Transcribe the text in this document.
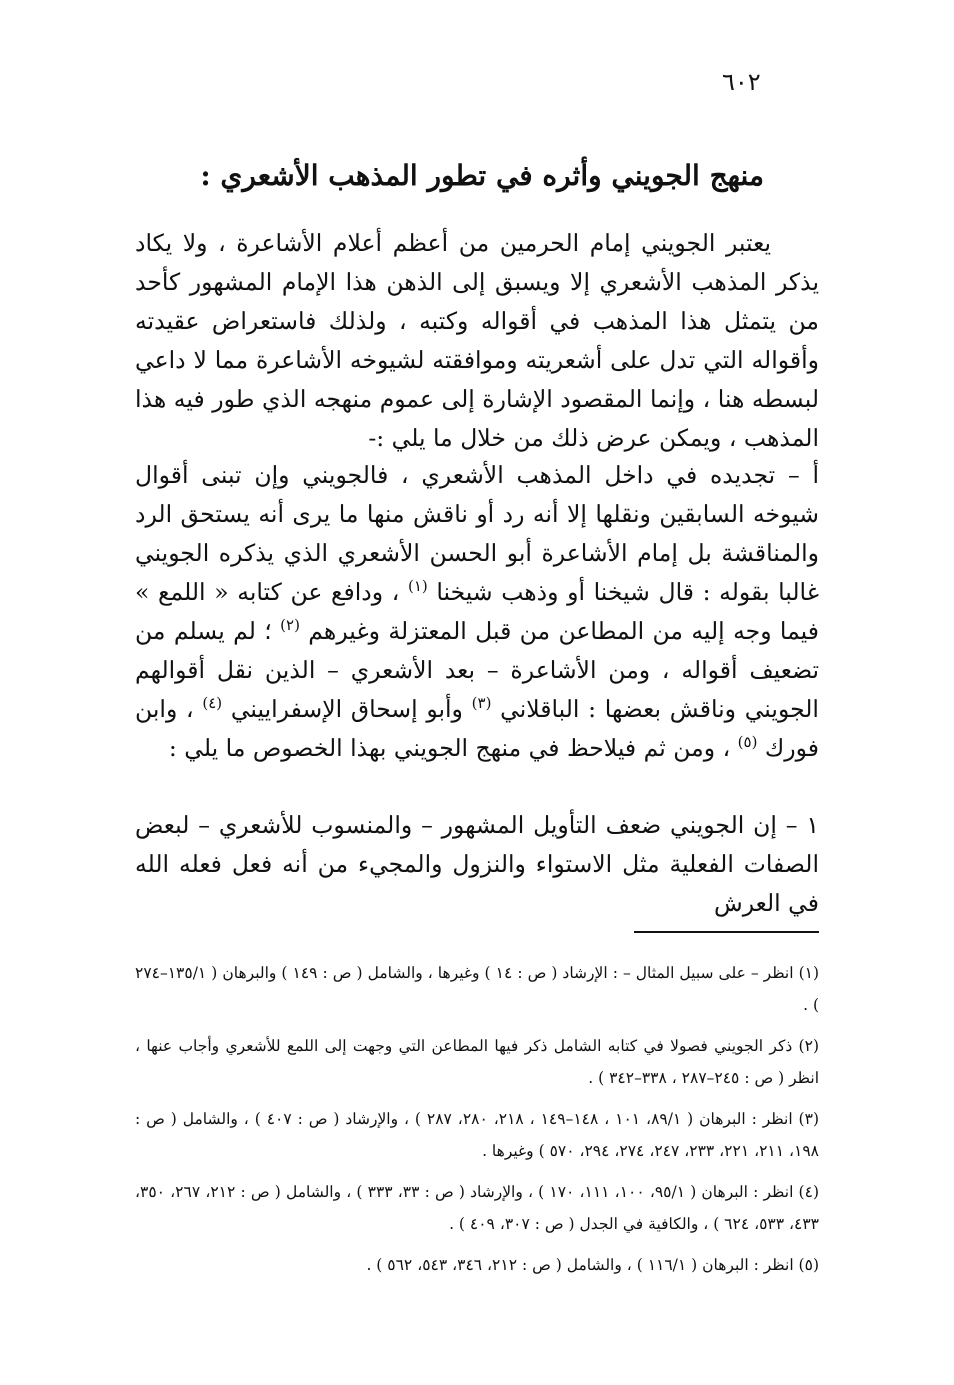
٦٠٢
منهج الجويني وأثره في تطور المذهب الأشعري :

يعتبر الجويني إمام الحرمين من أعظم أعلام الأشاعرة ، ولا يكاد يذكر المذهب الأشعري إلا ويسبق إلى الذهن هذا الإمام المشهور كأحد من يتمثل هذا المذهب في أقواله وكتبه ، ولذلك فاستعراض عقيدته وأقواله التي تدل على أشعريته وموافقته لشيوخه الأشاعرة مما لا داعي لبسطه هنا ، وإنما المقصود الإشارة إلى عموم منهجه الذي طور فيه هذا المذهب ، ويمكن عرض ذلك من خلال ما يلي :-

أ – تجديده في داخل المذهب الأشعري ، فالجويني وإن تبنى أقوال شيوخه السابقين ونقلها إلا أنه رد أو ناقش منها ما يرى أنه يستحق الرد والمناقشة بل إمام الأشاعرة أبو الحسن الأشعري الذي يذكره الجويني غالبا بقوله : قال شيخنا أو وذهب شيخنا $^{(١)}$ ، ودافع عن كتابه « اللمع » فيما وجه إليه من المطاعن من قبل المعتزلة وغيرهم $^{(٢)}$ ؛ لم يسلم من تضعيف أقواله ، ومن الأشاعرة – بعد الأشعري – الذين نقل أقوالهم الجويني وناقش بعضها : الباقلاني $^{(٣)}$ وأبو إسحاق الإسفراييني $^{(٤)}$ ، وابن فورك $^{(٥)}$ ، ومن ثم فيلاحظ في منهج الجويني بهذا الخصوص ما يلي :

١ – إن الجويني ضعف التأويل المشهور – والمنسوب للأشعري – لبعض الصفات الفعلية مثل الاستواء والنزول والمجيء من أنه فعل فعله الله في العرش

(١) انظر – على سبيل المثال – : الإرشاد ( ص : ١٤ ) وغيرها ، والشامل ( ص : ١٤٩ ) والبرهان ( ١٣٥/١–٢٧٤ ) .

(٢) ذكر الجويني فصولا في كتابه الشامل ذكر فيها المطاعن التي وجهت إلى اللمع للأشعري وأجاب عنها ، انظر ( ص : ٢٤٥–٢٨٧ ، ٣٣٨–٣٤٢ ) .

(٣) انظر : البرهان ( ٨٩/١، ١٠١ ، ١٤٨–١٤٩ ، ٢١٨، ٢٨٠، ٢٨٧ ) ، والإرشاد ( ص : ٤٠٧ ) ، والشامل ( ص : ١٩٨، ٢١١، ٢٢١، ٢٣٣، ٢٤٧، ٢٧٤، ٢٩٤، ٥٧٠ ) وغيرها .

(٤) انظر : البرهان ( ٩٥/١، ١٠٠، ١١١، ١٧٠ ) ، والإرشاد ( ص : ٣٣، ٣٣٣ ) ، والشامل ( ص : ٢١٢، ٢٦٧، ٣٥٠، ٤٣٣، ٥٣٣، ٦٢٤ ) ، والكافية في الجدل ( ص : ٣٠٧، ٤٠٩ ) .

(٥) انظر : البرهان ( ١١٦/١ ) ، والشامل ( ص : ٢١٢، ٣٤٦، ٥٤٣، ٥٦٢ ) .
